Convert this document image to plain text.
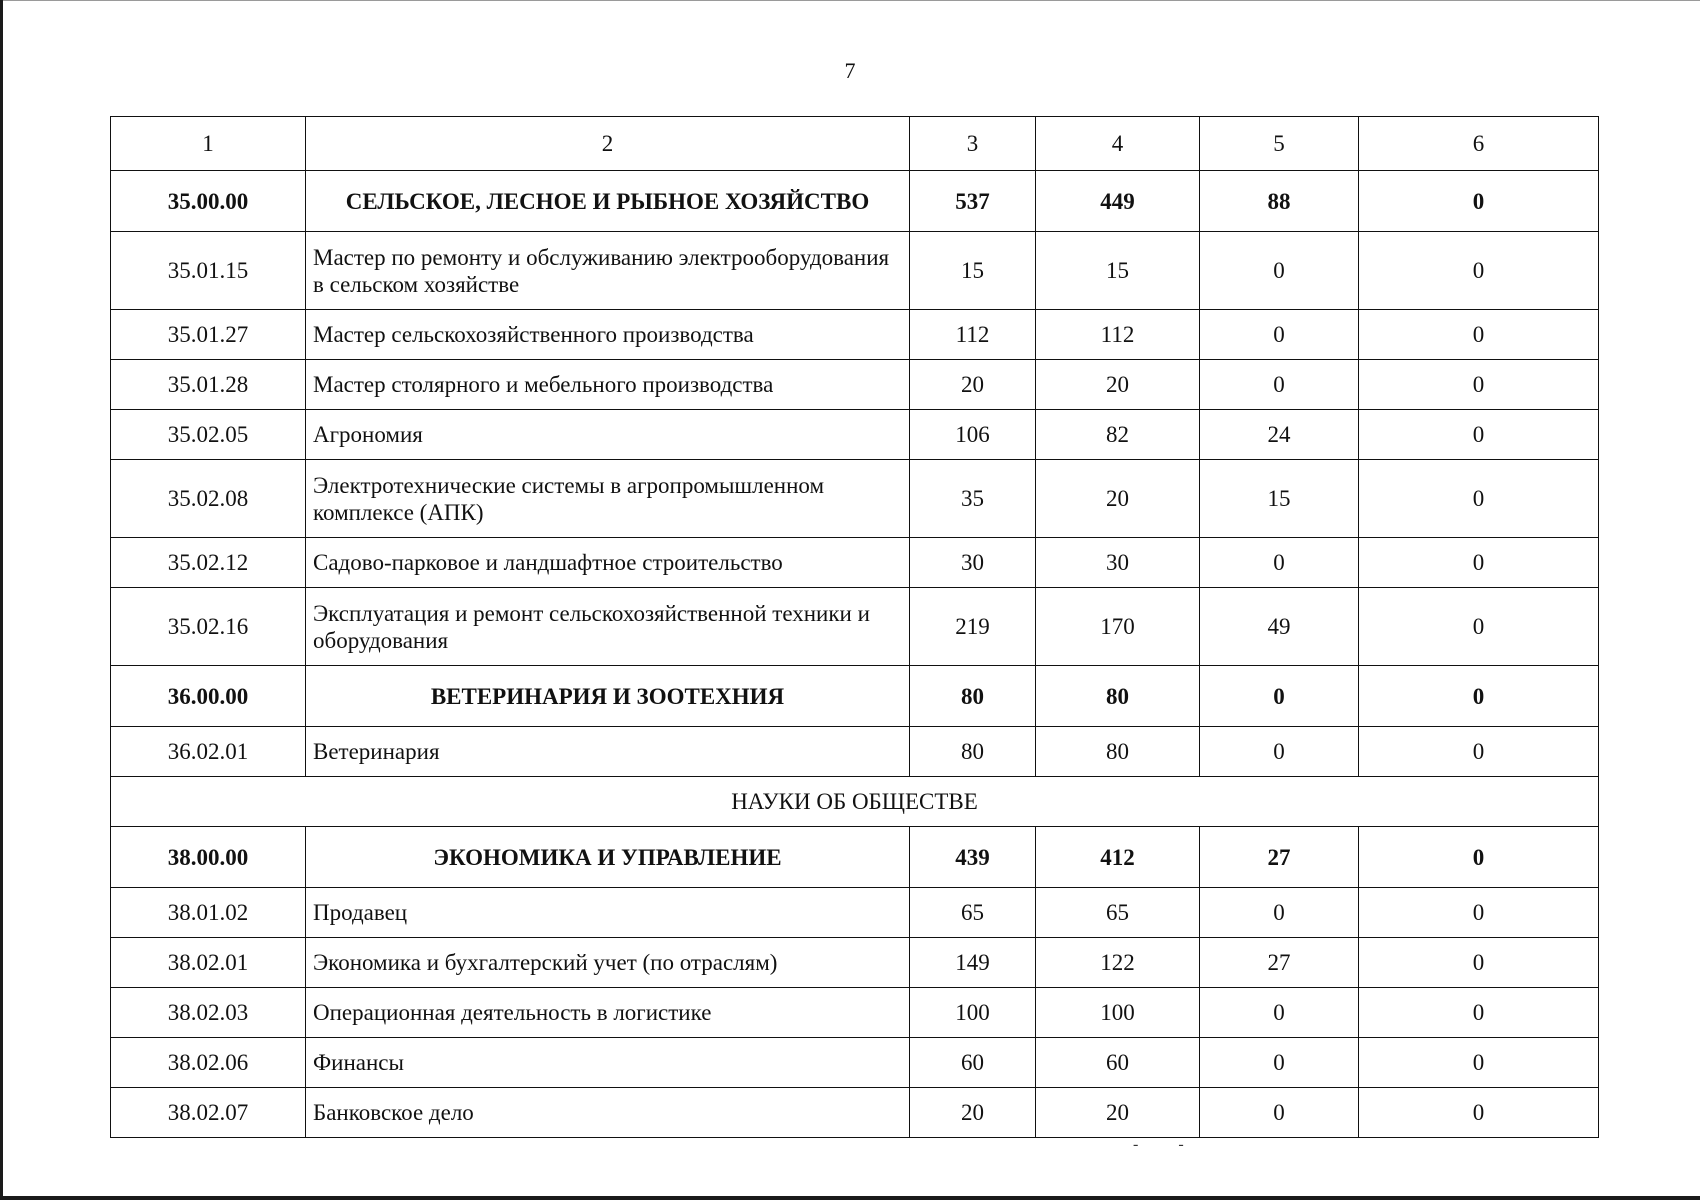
7
1	2	3	4	5	6
35.00.00	СЕЛЬСКОЕ, ЛЕСНОЕ И РЫБНОЕ ХОЗЯЙСТВО	537	449	88	0
35.01.15	Мастер по ремонту и обслуживанию электрооборудования в сельском хозяйстве	15	15	0	0
35.01.27	Мастер сельскохозяйственного производства	112	112	0	0
35.01.28	Мастер столярного и мебельного производства	20	20	0	0
35.02.05	Агрономия	106	82	24	0
35.02.08	Электротехнические системы в агропромышленном комплексе (АПК)	35	20	15	0
35.02.12	Садово-парковое и ландшафтное строительство	30	30	0	0
35.02.16	Эксплуатация и ремонт сельскохозяйственной техники и оборудования	219	170	49	0
36.00.00	ВЕТЕРИНАРИЯ И ЗООТЕХНИЯ	80	80	0	0
36.02.01	Ветеринария	80	80	0	0
НАУКИ ОБ ОБЩЕСТВЕ					
38.00.00	ЭКОНОМИКА И УПРАВЛЕНИЕ	439	412	27	0
38.01.02	Продавец	65	65	0	0
38.02.01	Экономика и бухгалтерский учет (по отраслям)	149	122	27	0
38.02.03	Операционная деятельность в логистике	100	100	0	0
38.02.06	Финансы	60	60	0	0
38.02.07	Банковское дело	20	20	0	0
- -
